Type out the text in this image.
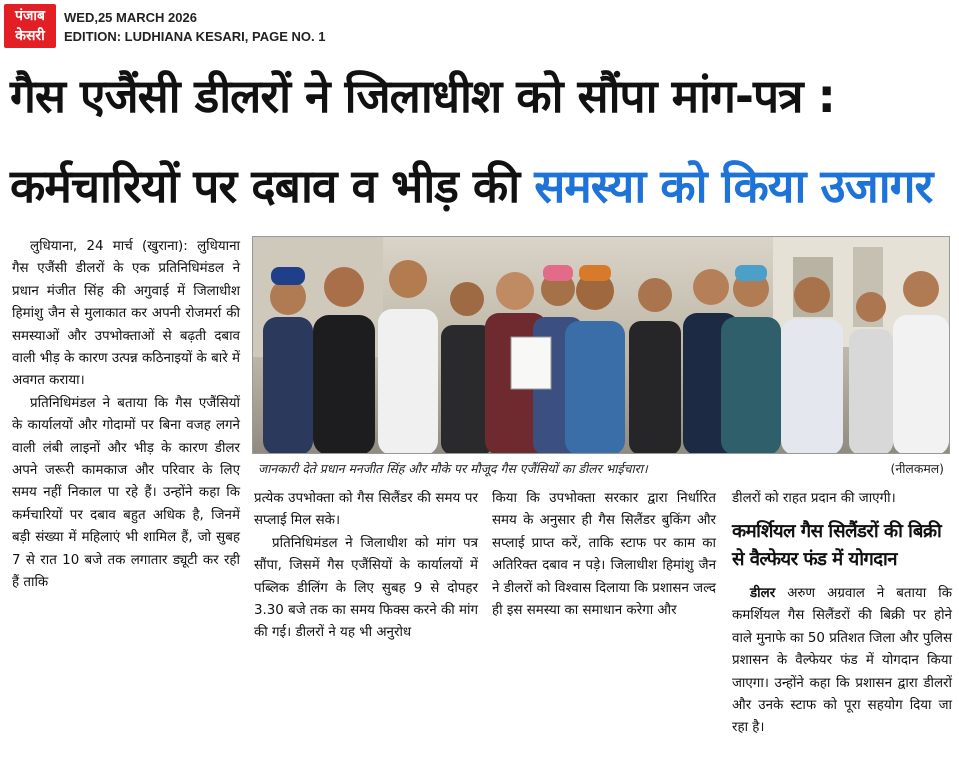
पंजाब
केसरी
WED,25 MARCH 2026
EDITION: LUDHIANA KESARI, PAGE NO. 1
गैस एजैंसी डीलरों ने जिलाधीश को सौंपा मांग-पत्र :
कर्मचारियों पर दबाव व भीड़ की समस्या को किया उजागर

लुधियाना, 24 मार्च (खुराना): लुधियाना गैस एजैंसी डीलरों के एक प्रतिनिधिमंडल ने प्रधान मंजीत सिंह की अगुवाई में जिलाधीश हिमांशु जैन से मुलाकात कर अपनी रोजमर्रा की समस्याओं और उपभोक्ताओं से बढ़ती दबाव वाली भीड़ के कारण उत्पन्न कठिनाइयों के बारे में अवगत कराया।

प्रतिनिधिमंडल ने बताया कि गैस एजैंसियों के कार्यालयों और गोदामों पर बिना वजह लगने वाली लंबी लाइनों और भीड़ के कारण डीलर अपने जरूरी कामकाज और परिवार के लिए समय नहीं निकाल पा रहे हैं। उन्होंने कहा कि कर्मचारियों पर दबाव बहुत अधिक है, जिनमें बड़ी संख्या में महिलाएं भी शामिल हैं, जो सुबह 7 से रात 10 बजे तक लगातार ड्यूटी कर रही हैं ताकि

जानकारी देते प्रधान मनजीत सिंह और मौके पर मौजूद गैस एजैंसियों का डीलर भाईचारा।	(नीलकमल)

प्रत्येक उपभोक्ता को गैस सिलैंडर की समय पर सप्लाई मिल सके।

प्रतिनिधिमंडल ने जिलाधीश को मांग पत्र सौंपा, जिसमें गैस एजैंसियों के कार्यालयों में पब्लिक डीलिंग के लिए सुबह 9 से दोपहर 3.30 बजे तक का समय फिक्स करने की मांग की गई। डीलरों ने यह भी अनुरोध

किया कि उपभोक्ता सरकार द्वारा निर्धारित समय के अनुसार ही गैस सिलैंडर बुकिंग और सप्लाई प्राप्त करें, ताकि स्टाफ पर काम का अतिरिक्त दबाव न पड़े। जिलाधीश हिमांशु जैन ने डीलरों को विश्वास दिलाया कि प्रशासन जल्द ही इस समस्या का समाधान करेगा और

डीलरों को राहत प्रदान की जाएगी।

कमर्शियल गैस सिलैंडरों की बिक्री से वैल्फेयर फंड में योगदान

डीलर अरुण अग्रवाल ने बताया कि कमर्शियल गैस सिलैंडरों की बिक्री पर होने वाले मुनाफे का 50 प्रतिशत जिला और पुलिस प्रशासन के वैल्फेयर फंड में योगदान किया जाएगा। उन्होंने कहा कि प्रशासन द्वारा डीलरों और उनके स्टाफ को पूरा सहयोग दिया जा रहा है।
